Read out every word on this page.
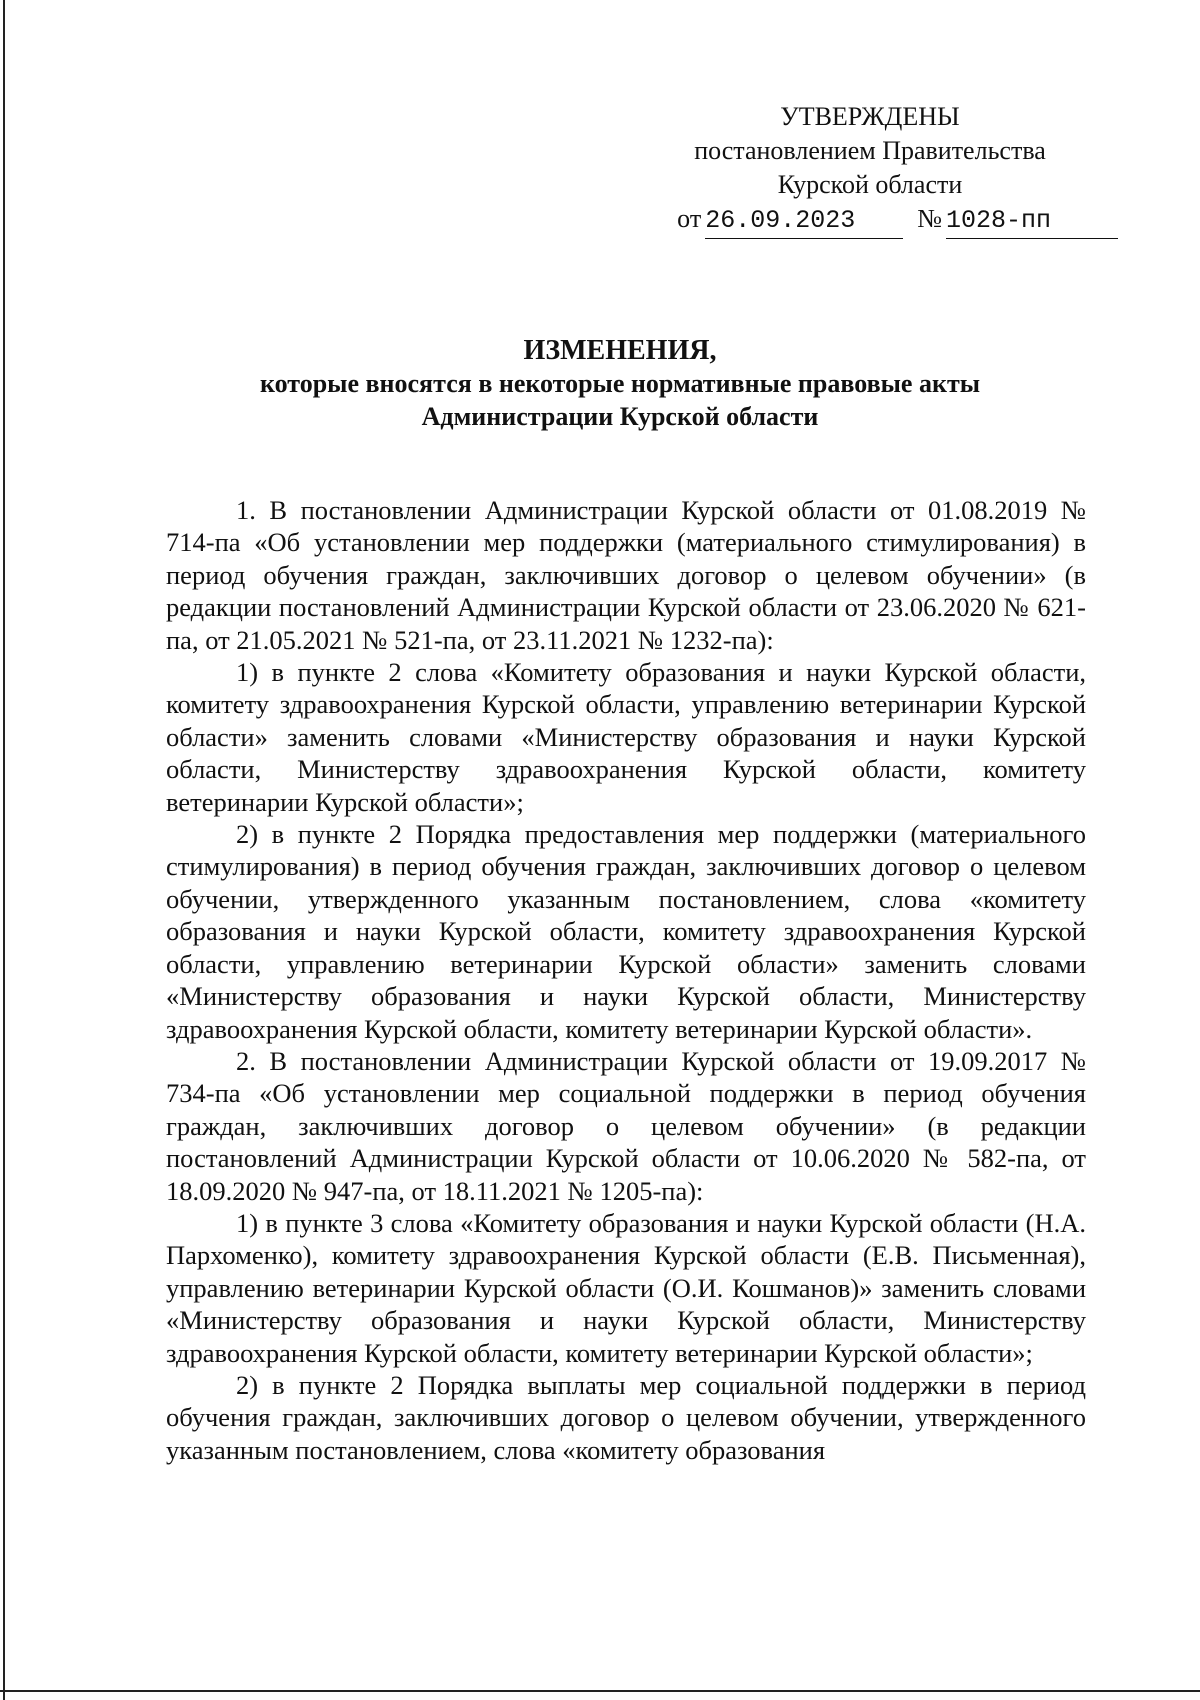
УТВЕРЖДЕНЫ
постановлением Правительства
Курской области
от 26.09.2023	№ 1028-пп
ИЗМЕНЕНИЯ,
которые вносятся в некоторые нормативные правовые акты
Администрации Курской области

1. В постановлении Администрации Курской области от 01.08.2019 № 714-па «Об установлении мер поддержки (материального стимулирования) в период обучения граждан, заключивших договор о целевом обучении» (в редакции постановлений Администрации Курской области от 23.06.2020 № 621-па, от 21.05.2021 № 521-па, от 23.11.2021 № 1232-па):

1) в пункте 2 слова «Комитету образования и науки Курской области, комитету здравоохранения Курской области, управлению ветеринарии Курской области» заменить словами «Министерству образования и науки Курской области, Министерству здравоохранения Курской области, комитету ветеринарии Курской области»;

2) в пункте 2 Порядка предоставления мер поддержки (материального стимулирования) в период обучения граждан, заключивших договор о целевом обучении, утвержденного указанным постановлением, слова «комитету образования и науки Курской области, комитету здравоохранения Курской области, управлению ветеринарии Курской области» заменить словами «Министерству образования и науки Курской области, Министерству здравоохранения Курской области, комитету ветеринарии Курской области».

2. В постановлении Администрации Курской области от 19.09.2017 № 734-па «Об установлении мер социальной поддержки в период обучения граждан, заключивших договор о целевом обучении» (в редакции постановлений Администрации Курской области от 10.06.2020 № 582-па, от 18.09.2020 № 947-па, от 18.11.2021 № 1205-па):

1) в пункте 3 слова «Комитету образования и науки Курской области (Н.А. Пархоменко), комитету здравоохранения Курской области (Е.В. Письменная), управлению ветеринарии Курской области (О.И. Кошманов)» заменить словами «Министерству образования и науки Курской области, Министерству здравоохранения Курской области, комитету ветеринарии Курской области»;

2) в пункте 2 Порядка выплаты мер социальной поддержки в период обучения граждан, заключивших договор о целевом обучении, утвержденного указанным постановлением, слова «комитету образования
